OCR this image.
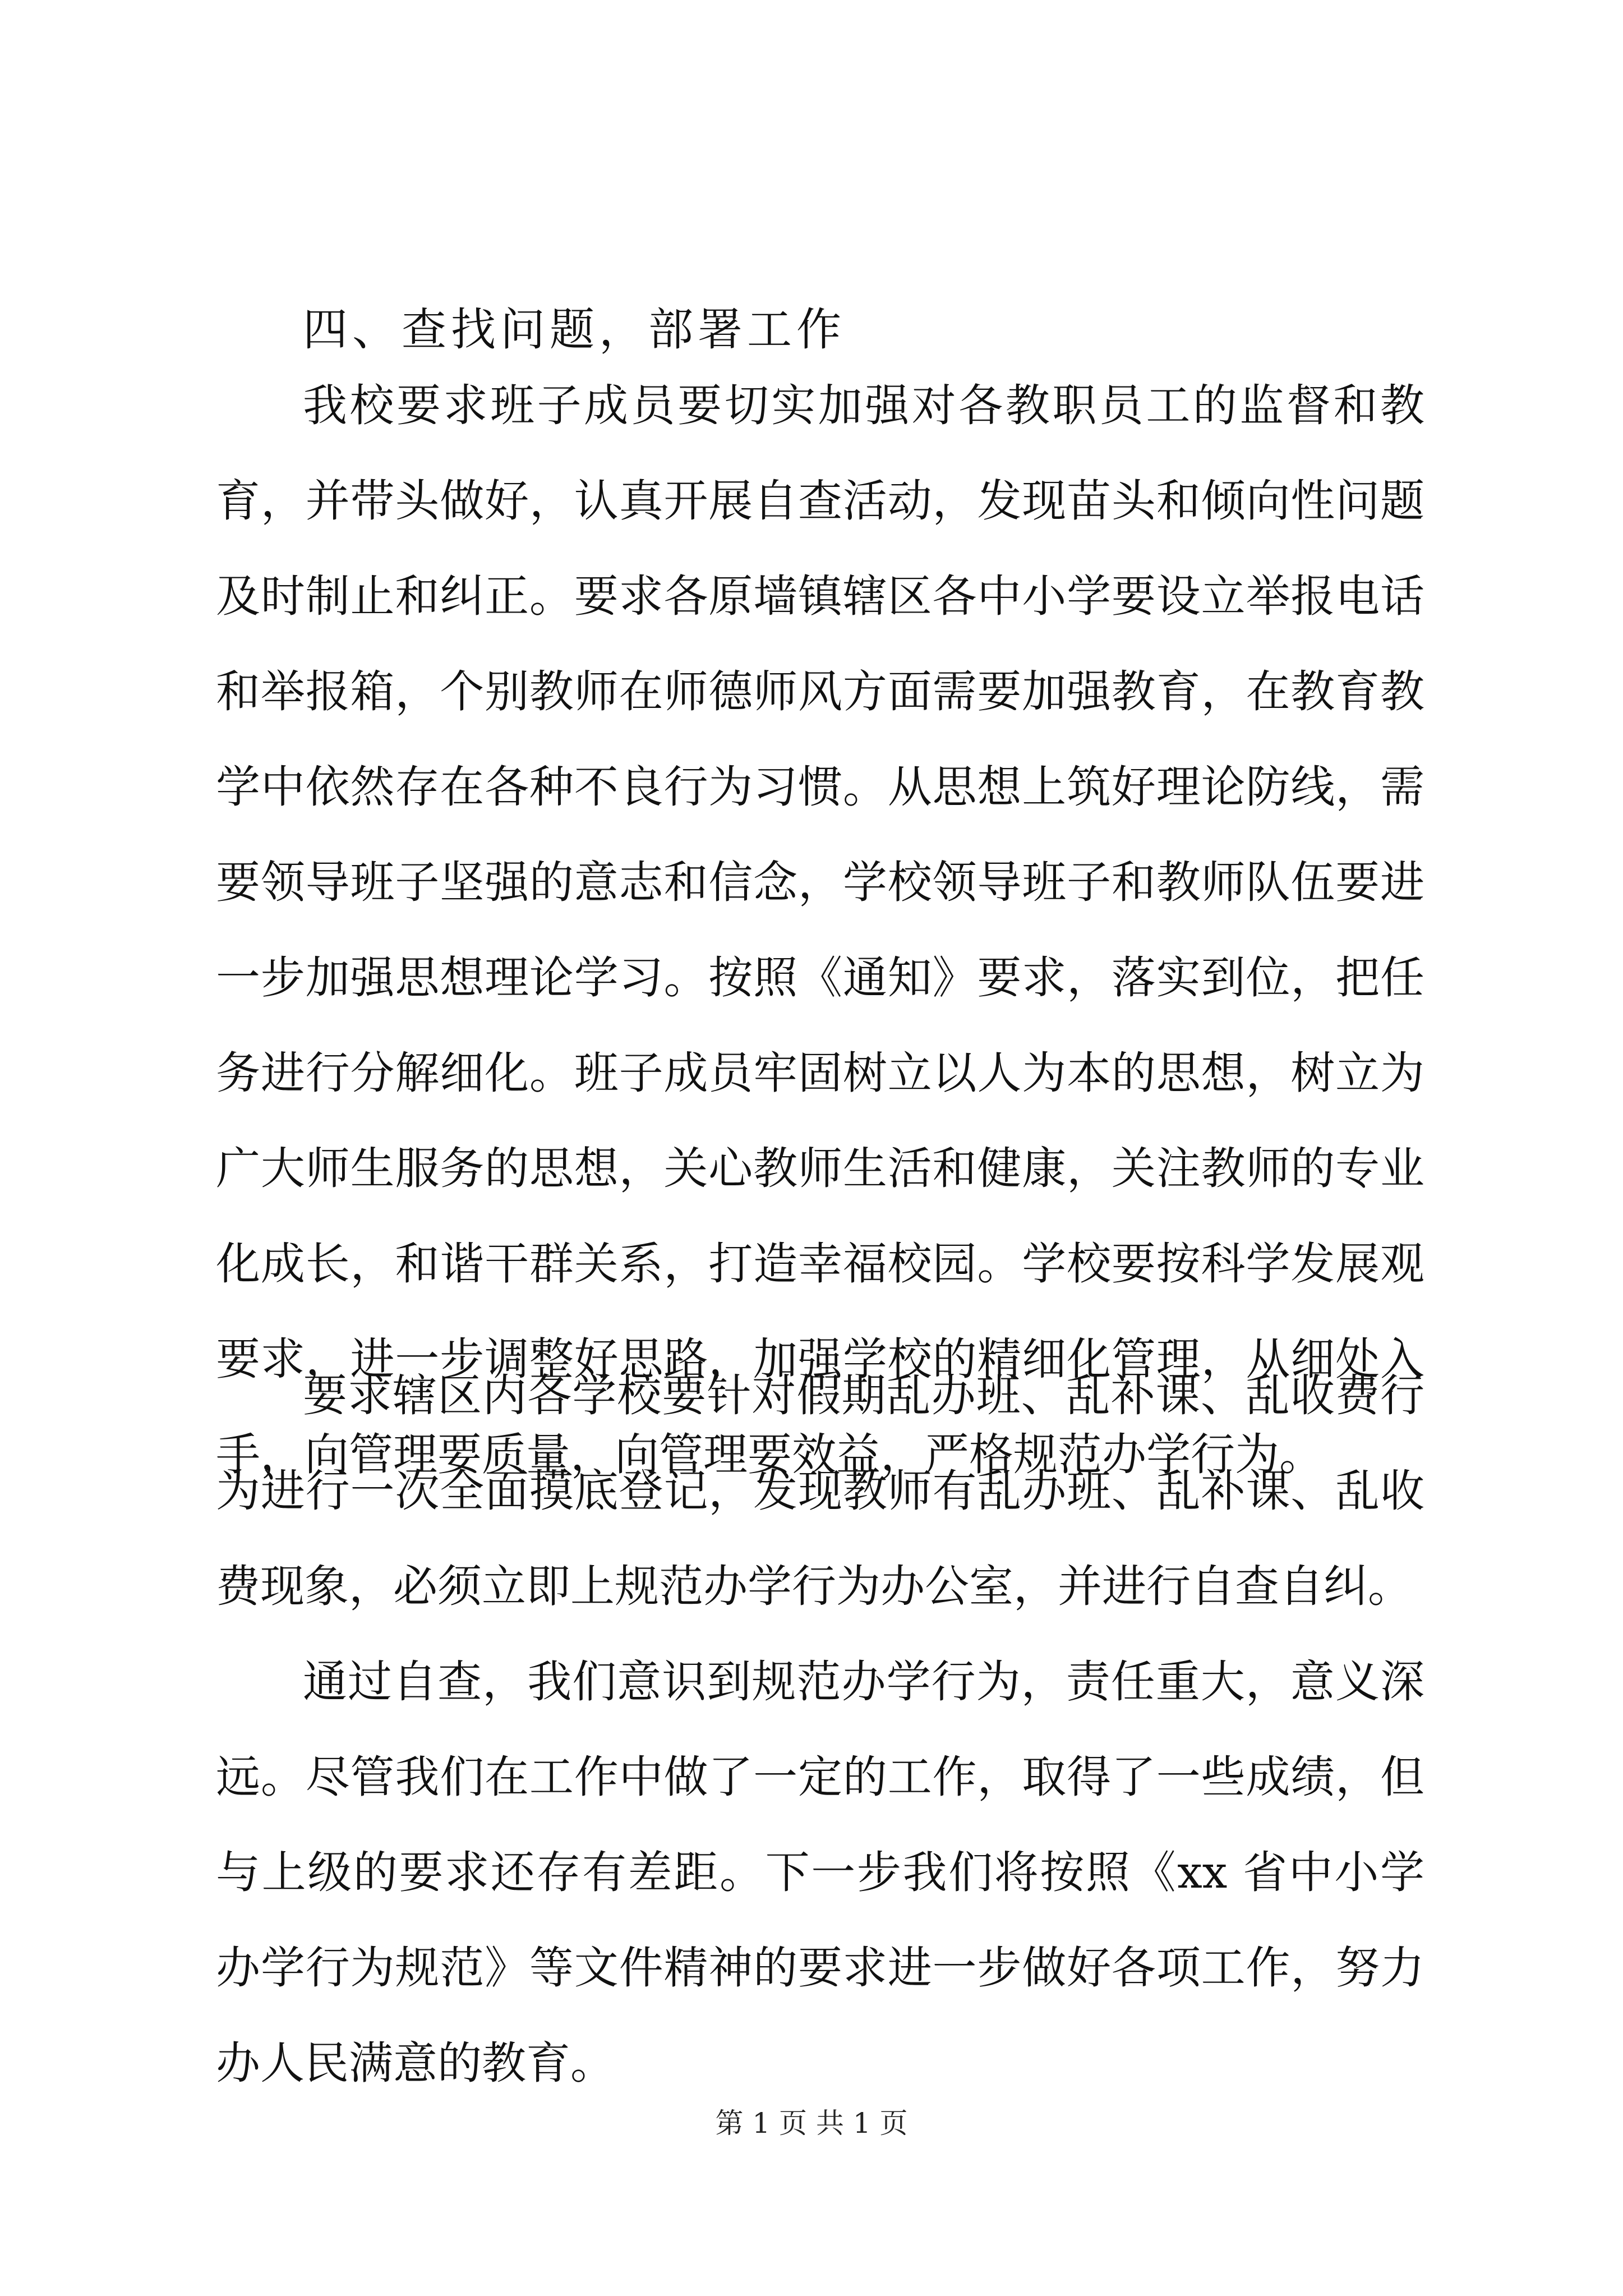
四、查找问题，部署工作

我校要求班子成员要切实加强对各教职员工的监督和教育，并带头做好，认真开展自查活动，发现苗头和倾向性问题及时制止和纠正。要求各原墙镇辖区各中小学要设立举报电话和举报箱，个别教师在师德师风方面需要加强教育，在教育教学中依然存在各种不良行为习惯。从思想上筑好理论防线，需要领导班子坚强的意志和信念，学校领导班子和教师队伍要进一步加强思想理论学习。按照《通知》要求，落实到位，把任务进行分解细化。班子成员牢固树立以人为本的思想，树立为广大师生服务的思想，关心教师生活和健康，关注教师的专业化成长，和谐干群关系，打造幸福校园。学校要按科学发展观要求，进一步调整好思路，加强学校的精细化管理，从细处入手，向管理要质量，向管理要效益，严格规范办学行为。

要求辖区内各学校要针对假期乱办班、乱补课、乱收费行为进行一次全面摸底登记，发现教师有乱办班、乱补课、乱收费现象，必须立即上规范办学行为办公室，并进行自查自纠。

通过自查，我们意识到规范办学行为，责任重大，意义深远。尽管我们在工作中做了一定的工作，取得了一些成绩，但与上级的要求还存有差距。下一步我们将按照《xx 省中小学办学行为规范》等文件精神的要求进一步做好各项工作，努力办人民满意的教育。

第 1 页 共 1 页
